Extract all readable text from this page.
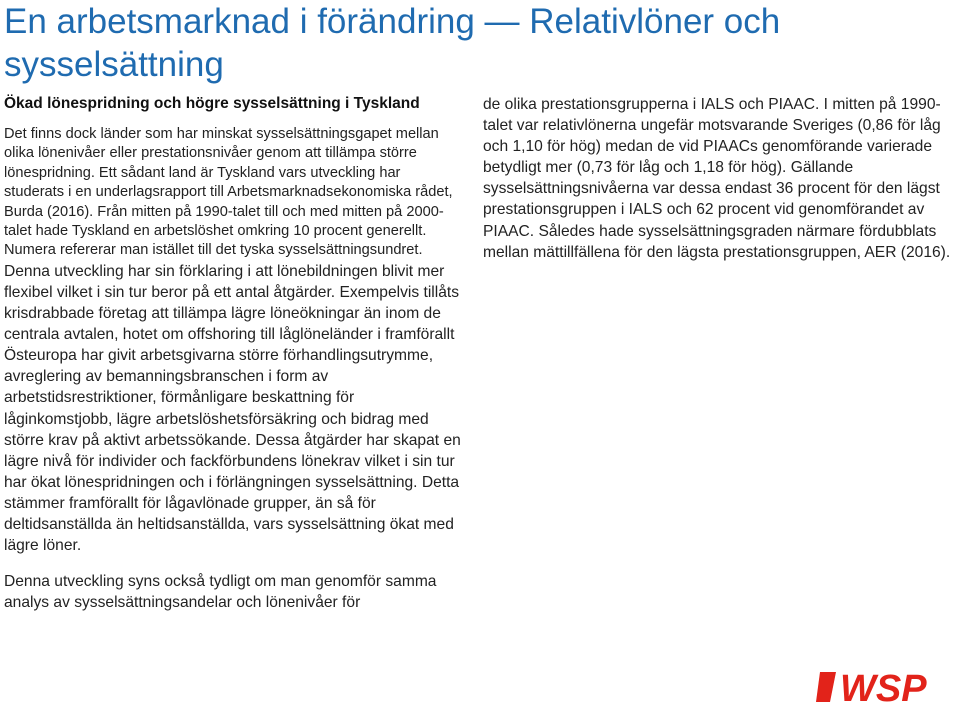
En arbetsmarknad i förändring — Relativlöner och sysselsättning
Ökad lönespridning och högre sysselsättning i Tyskland

Det finns dock länder som har minskat sysselsättningsgapet mellan olika lönenivåer eller prestationsnivåer genom att tillämpa större lönespridning. Ett sådant land är Tyskland vars utveckling har studerats i en underlagsrapport till Arbetsmarknadsekonomiska rådet, Burda (2016). Från mitten på 1990-talet till och med mitten på 2000-talet hade Tyskland en arbetslöshet omkring 10 procent generellt. Numera refererar man istället till det tyska sysselsättningsundret.

Denna utveckling har sin förklaring i att lönebildningen blivit mer flexibel vilket i sin tur beror på ett antal åtgärder. Exempelvis tillåts krisdrabbade företag att tillämpa lägre löneökningar än inom de centrala avtalen, hotet om offshoring till låglöneländer i framförallt Östeuropa har givit arbetsgivarna större förhandlingsutrymme, avreglering av bemanningsbranschen i form av arbetstidsrestriktioner, förmånligare beskattning för låginkomstjobb, lägre arbetslöshetsförsäkring och bidrag med större krav på aktivt arbetssökande. Dessa åtgärder har skapat en lägre nivå för individer och fackförbundens lönekrav vilket i sin tur har ökat lönespridningen och i förlängningen sysselsättning. Detta stämmer framförallt för lågavlönade grupper, än så för deltidsanställda än heltidsanställda, vars sysselsättning ökat med lägre löner.

Denna utveckling syns också tydligt om man genomför samma analys av sysselsättningsandelar och lönenivåer för

de olika prestationsgrupperna i IALS och PIAAC. I mitten på 1990-talet var relativlönerna ungefär motsvarande Sveriges (0,86 för låg och 1,10 för hög) medan de vid PIAACs genomförande varierade betydligt mer (0,73 för låg och 1,18 för hög). Gällande sysselsättningsnivåerna var dessa endast 36 procent för den lägst prestationsgruppen i IALS och 62 procent vid genomförandet av PIAAC. Således hade sysselsättningsgraden närmare fördubblats mellan mättillfällena för den lägsta prestationsgruppen, AER (2016).

WSP
